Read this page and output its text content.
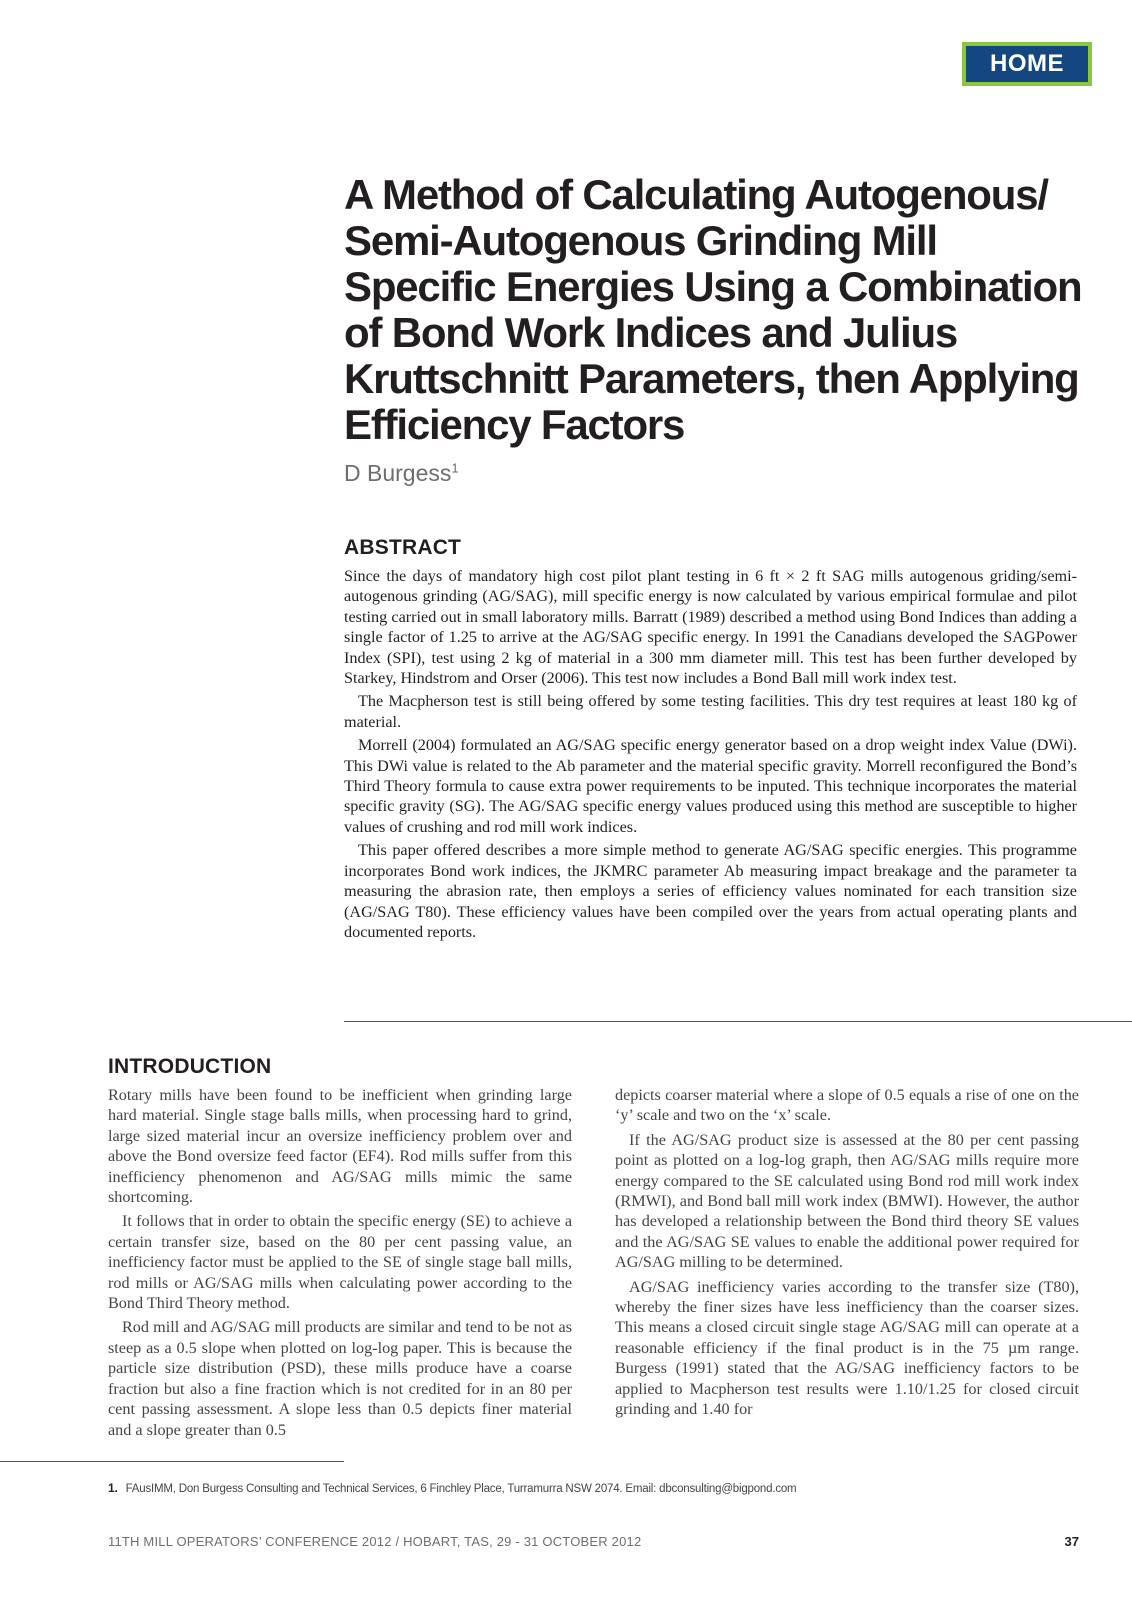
HOME
A Method of Calculating Autogenous/
Semi-Autogenous Grinding Mill
Specific Energies Using a Combination
of Bond Work Indices and Julius
Kruttschnitt Parameters, then Applying
Efficiency Factors
D Burgess$^1$
ABSTRACT

Since the days of mandatory high cost pilot plant testing in 6 ft × 2 ft SAG mills autogenous griding/semi-autogenous grinding (AG/SAG), mill specific energy is now calculated by various empirical formulae and pilot testing carried out in small laboratory mills. Barratt (1989) described a method using Bond Indices than adding a single factor of 1.25 to arrive at the AG/SAG specific energy. In 1991 the Canadians developed the SAGPower Index (SPI), test using 2 kg of material in a 300 mm diameter mill. This test has been further developed by Starkey, Hindstrom and Orser (2006). This test now includes a Bond Ball mill work index test.

The Macpherson test is still being offered by some testing facilities. This dry test requires at least 180 kg of material.

Morrell (2004) formulated an AG/SAG specific energy generator based on a drop weight index Value (DWi). This DWi value is related to the Ab parameter and the material specific gravity. Morrell reconfigured the Bond’s Third Theory formula to cause extra power requirements to be inputed. This technique incorporates the material specific gravity (SG). The AG/SAG specific energy values produced using this method are susceptible to higher values of crushing and rod mill work indices.

This paper offered describes a more simple method to generate AG/SAG specific energies. This programme incorporates Bond work indices, the JKMRC parameter Ab measuring impact breakage and the parameter ta measuring the abrasion rate, then employs a series of efficiency values nominated for each transition size (AG/SAG T80). These efficiency values have been compiled over the years from actual operating plants and documented reports.

INTRODUCTION

Rotary mills have been found to be inefficient when grinding large hard material. Single stage balls mills, when processing hard to grind, large sized material incur an oversize inefficiency problem over and above the Bond oversize feed factor (EF4). Rod mills suffer from this inefficiency phenomenon and AG/SAG mills mimic the same shortcoming.

It follows that in order to obtain the specific energy (SE) to achieve a certain transfer size, based on the 80 per cent passing value, an inefficiency factor must be applied to the SE of single stage ball mills, rod mills or AG/SAG mills when calculating power according to the Bond Third Theory method.

Rod mill and AG/SAG mill products are similar and tend to be not as steep as a 0.5 slope when plotted on log-log paper. This is because the particle size distribution (PSD), these mills produce have a coarse fraction but also a fine fraction which is not credited for in an 80 per cent passing assessment. A slope less than 0.5 depicts finer material and a slope greater than 0.5

depicts coarser material where a slope of 0.5 equals a rise of one on the ‘y’ scale and two on the ‘x’ scale.

If the AG/SAG product size is assessed at the 80 per cent passing point as plotted on a log-log graph, then AG/SAG mills require more energy compared to the SE calculated using Bond rod mill work index (RMWI), and Bond ball mill work index (BMWI). However, the author has developed a relationship between the Bond third theory SE values and the AG/SAG SE values to enable the additional power required for AG/SAG milling to be determined.

AG/SAG inefficiency varies according to the transfer size (T80), whereby the finer sizes have less inefficiency than the coarser sizes. This means a closed circuit single stage AG/SAG mill can operate at a reasonable efficiency if the final product is in the 75 µm range. Burgess (1991) stated that the AG/SAG inefficiency factors to be applied to Macpherson test results were 1.10/1.25 for closed circuit grinding and 1.40 for

1. FAusIMM, Don Burgess Consulting and Technical Services, 6 Finchley Place, Turramurra NSW 2074. Email: dbconsulting@bigpond.com
11TH MILL OPERATORS’ CONFERENCE 2012 / HOBART, TAS, 29 - 31 OCTOBER 2012	37
